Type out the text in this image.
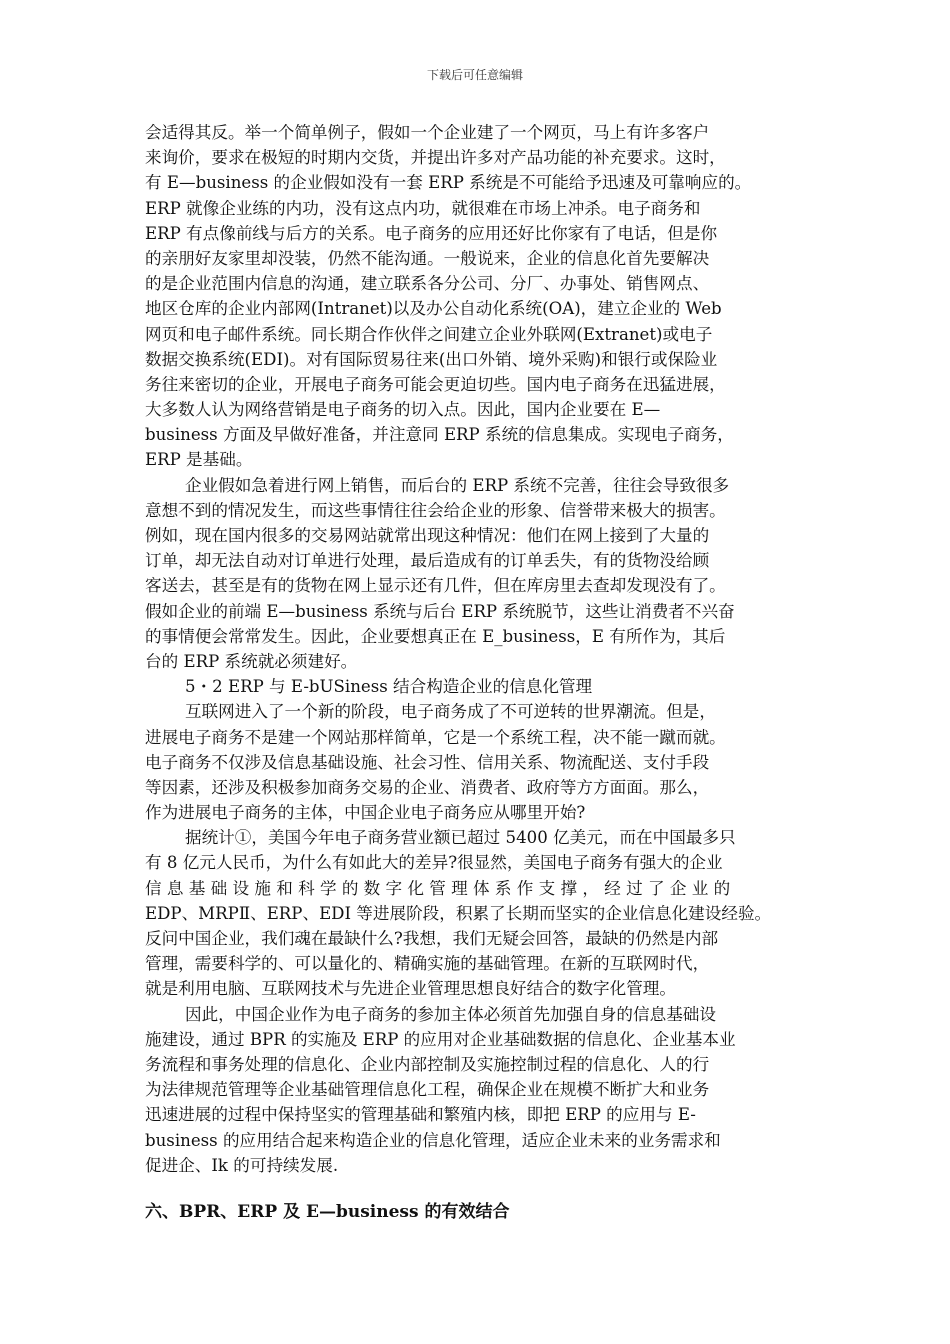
下载后可任意编辑
会适得其反。举一个简单例子，假如一个企业建了一个网页，马上有许多客户
来询价，要求在极短的时期内交货，并提出许多对产品功能的补充要求。这时，
有 E—business 的企业假如没有一套 ERP 系统是不可能给予迅速及可靠响应的。
ERP 就像企业练的内功，没有这点内功，就很难在市场上冲杀。电子商务和
ERP 有点像前线与后方的关系。电子商务的应用还好比你家有了电话，但是你
的亲朋好友家里却没装，仍然不能沟通。一般说来，企业的信息化首先要解决
的是企业范围内信息的沟通，建立联系各分公司、分厂、办事处、销售网点、
地区仓库的企业内部网(Intranet)以及办公自动化系统(OA)，建立企业的 Web
网页和电子邮件系统。同长期合作伙伴之间建立企业外联网(Extranet)或电子
数据交换系统(EDI)。对有国际贸易往来(出口外销、境外采购)和银行或保险业
务往来密切的企业，开展电子商务可能会更迫切些。国内电子商务在迅猛进展，
大多数人认为网络营销是电子商务的切入点。因此，国内企业要在 E—
business 方面及早做好准备，并注意同 ERP 系统的信息集成。实现电子商务，
ERP 是基础。
企业假如急着进行网上销售，而后台的 ERP 系统不完善，往往会导致很多
意想不到的情况发生，而这些事情往往会给企业的形象、信誉带来极大的损害。
例如，现在国内很多的交易网站就常出现这种情况：他们在网上接到了大量的
订单，却无法自动对订单进行处理，最后造成有的订单丢失，有的货物没给顾
客送去，甚至是有的货物在网上显示还有几件，但在库房里去查却发现没有了。
假如企业的前端 E—business 系统与后台 ERP 系统脱节，这些让消费者不兴奋
的事情便会常常发生。因此，企业要想真正在 E_business，E 有所作为，其后
台的 ERP 系统就必须建好。
5・2 ERP 与 E-bUSiness 结合构造企业的信息化管理
互联网进入了一个新的阶段，电子商务成了不可逆转的世界潮流。但是，
进展电子商务不是建一个网站那样简单，它是一个系统工程，决不能一蹴而就。
电子商务不仅涉及信息基础设施、社会习性、信用关系、物流配送、支付手段
等因素，还涉及积极参加商务交易的企业、消费者、政府等方方面面。那么，
作为进展电子商务的主体，中国企业电子商务应从哪里开始?
据统计①，美国今年电子商务营业额已超过 5400 亿美元，而在中国最多只
有 8 亿元人民币，为什么有如此大的差异?很显然，美国电子商务有强大的企业
信 息 基 础 设 施 和 科 学 的 数 字 化 管 理 体 系 作 支 撑 ， 经 过 了 企 业 的
EDP、MRPⅡ、ERP、EDI 等进展阶段，积累了长期而坚实的企业信息化建设经验。
反问中国企业，我们魂在最缺什么?我想，我们无疑会回答，最缺的仍然是内部
管理，需要科学的、可以量化的、精确实施的基础管理。在新的互联网时代，
就是利用电脑、互联网技术与先进企业管理思想良好结合的数字化管理。
因此，中国企业作为电子商务的参加主体必须首先加强自身的信息基础设
施建设，通过 BPR 的实施及 ERP 的应用对企业基础数据的信息化、企业基本业
务流程和事务处理的信息化、企业内部控制及实施控制过程的信息化、人的行
为法律规范管理等企业基础管理信息化工程，确保企业在规模不断扩大和业务
迅速进展的过程中保持坚实的管理基础和繁殖内核，即把 ERP 的应用与 E-
business 的应用结合起来构造企业的信息化管理，适应企业未来的业务需求和
促进企、Ik 的可持续发展.
六、BPR、ERP 及 E—business 的有效结合
